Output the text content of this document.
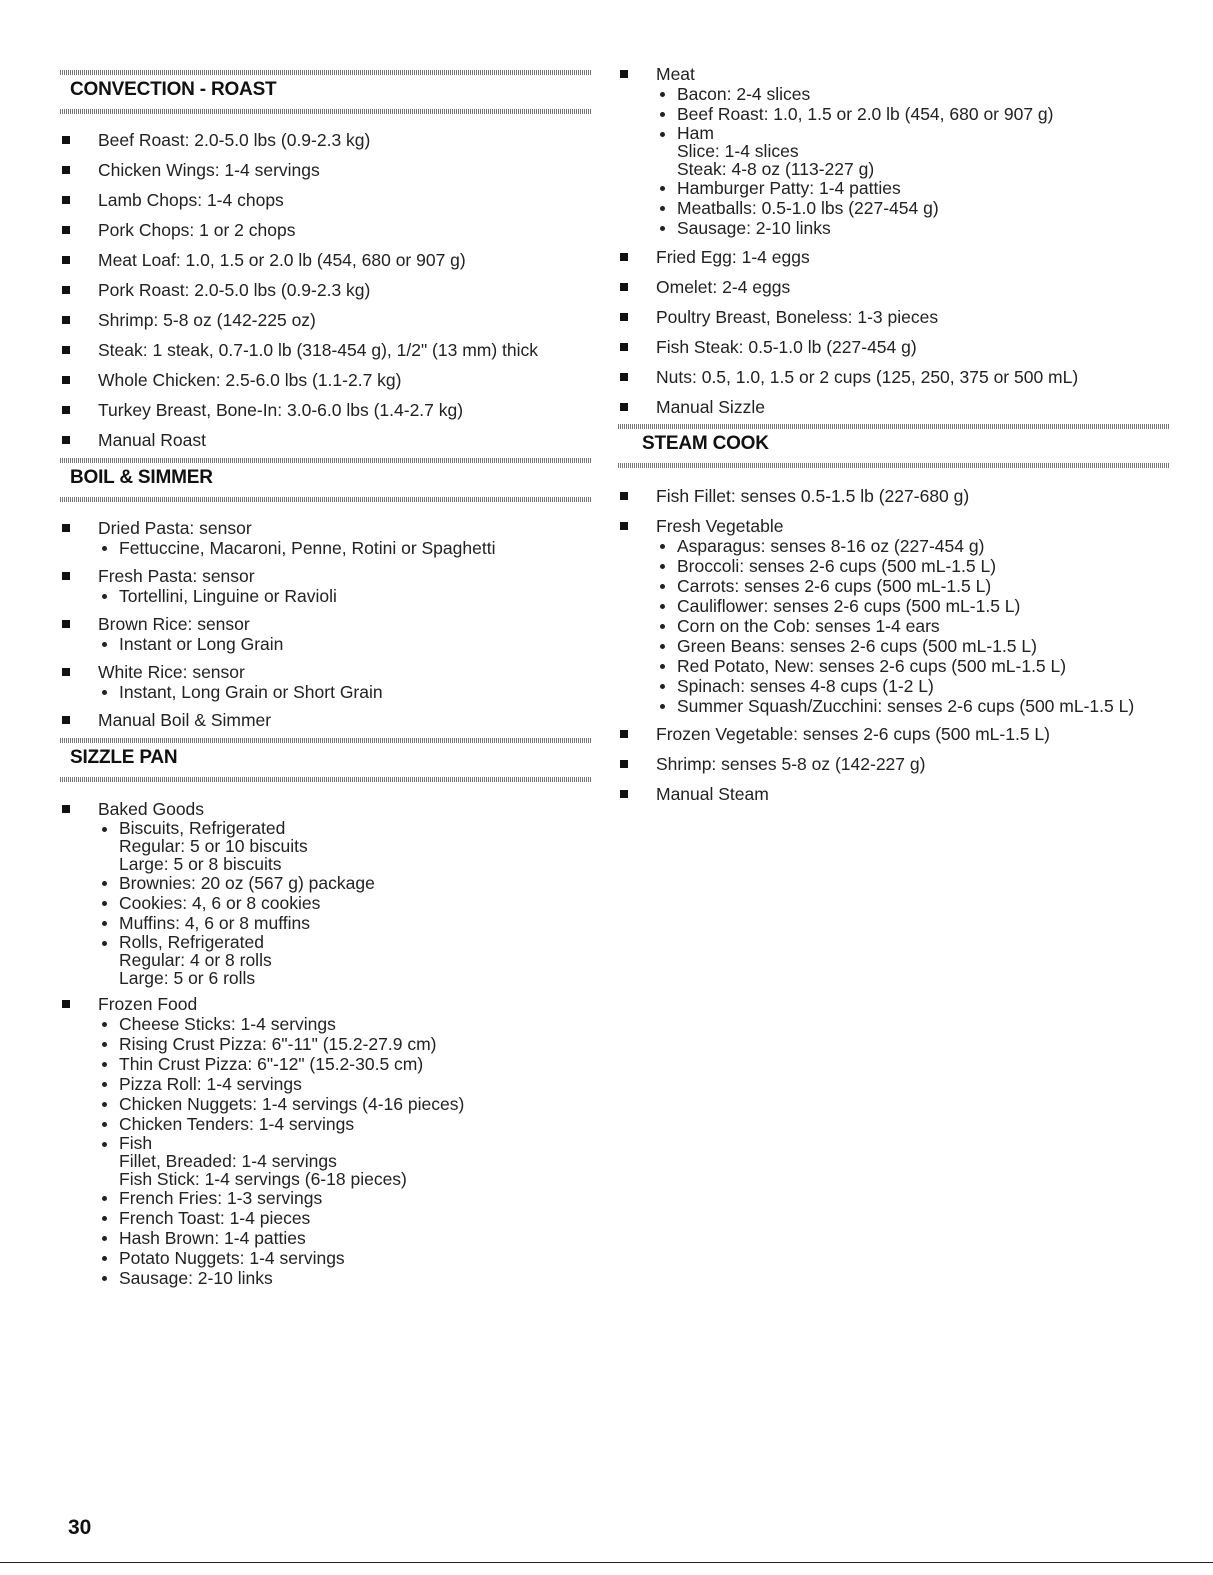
CONVECTION - ROAST
Beef Roast: 2.0-5.0 lbs (0.9-2.3 kg)
Chicken Wings: 1-4 servings
Lamb Chops: 1-4 chops
Pork Chops: 1 or 2 chops
Meat Loaf: 1.0, 1.5 or 2.0 lb (454, 680 or 907 g)
Pork Roast: 2.0-5.0 lbs (0.9-2.3 kg)
Shrimp: 5-8 oz (142-225 oz)
Steak: 1 steak, 0.7-1.0 lb (318-454 g), 1/2" (13 mm) thick
Whole Chicken: 2.5-6.0 lbs (1.1-2.7 kg)
Turkey Breast, Bone-In: 3.0-6.0 lbs (1.4-2.7 kg)
Manual Roast
BOIL & SIMMER
Dried Pasta: sensor
Fettuccine, Macaroni, Penne, Rotini or Spaghetti
Fresh Pasta: sensor
Tortellini, Linguine or Ravioli
Brown Rice: sensor
Instant or Long Grain
White Rice: sensor
Instant, Long Grain or Short Grain
Manual Boil & Simmer
SIZZLE PAN
Baked Goods
Biscuits, Refrigerated
Regular: 5 or 10 biscuits
Large: 5 or 8 biscuits
Brownies: 20 oz (567 g) package
Cookies: 4, 6 or 8 cookies
Muffins: 4, 6 or 8 muffins
Rolls, Refrigerated
Regular: 4 or 8 rolls
Large: 5 or 6 rolls
Frozen Food
Cheese Sticks: 1-4 servings
Rising Crust Pizza: 6"-11" (15.2-27.9 cm)
Thin Crust Pizza: 6"-12" (15.2-30.5 cm)
Pizza Roll: 1-4 servings
Chicken Nuggets: 1-4 servings (4-16 pieces)
Chicken Tenders: 1-4 servings
Fish
Fillet, Breaded: 1-4 servings
Fish Stick: 1-4 servings (6-18 pieces)
French Fries: 1-3 servings
French Toast: 1-4 pieces
Hash Brown: 1-4 patties
Potato Nuggets: 1-4 servings
Sausage: 2-10 links
Meat
Bacon: 2-4 slices
Beef Roast: 1.0, 1.5 or 2.0 lb (454, 680 or 907 g)
Ham
Slice: 1-4 slices
Steak: 4-8 oz (113-227 g)
Hamburger Patty: 1-4 patties
Meatballs: 0.5-1.0 lbs (227-454 g)
Sausage: 2-10 links
Fried Egg: 1-4 eggs
Omelet: 2-4 eggs
Poultry Breast, Boneless: 1-3 pieces
Fish Steak: 0.5-1.0 lb (227-454 g)
Nuts: 0.5, 1.0, 1.5 or 2 cups (125, 250, 375 or 500 mL)
Manual Sizzle
STEAM COOK
Fish Fillet: senses 0.5-1.5 lb (227-680 g)
Fresh Vegetable
Asparagus: senses 8-16 oz (227-454 g)
Broccoli: senses 2-6 cups (500 mL-1.5 L)
Carrots: senses 2-6 cups (500 mL-1.5 L)
Cauliflower: senses 2-6 cups (500 mL-1.5 L)
Corn on the Cob: senses 1-4 ears
Green Beans: senses 2-6 cups (500 mL-1.5 L)
Red Potato, New: senses 2-6 cups (500 mL-1.5 L)
Spinach: senses 4-8 cups (1-2 L)
Summer Squash/Zucchini: senses 2-6 cups (500 mL-1.5 L)
Frozen Vegetable: senses 2-6 cups (500 mL-1.5 L)
Shrimp: senses 5-8 oz (142-227 g)
Manual Steam
30
